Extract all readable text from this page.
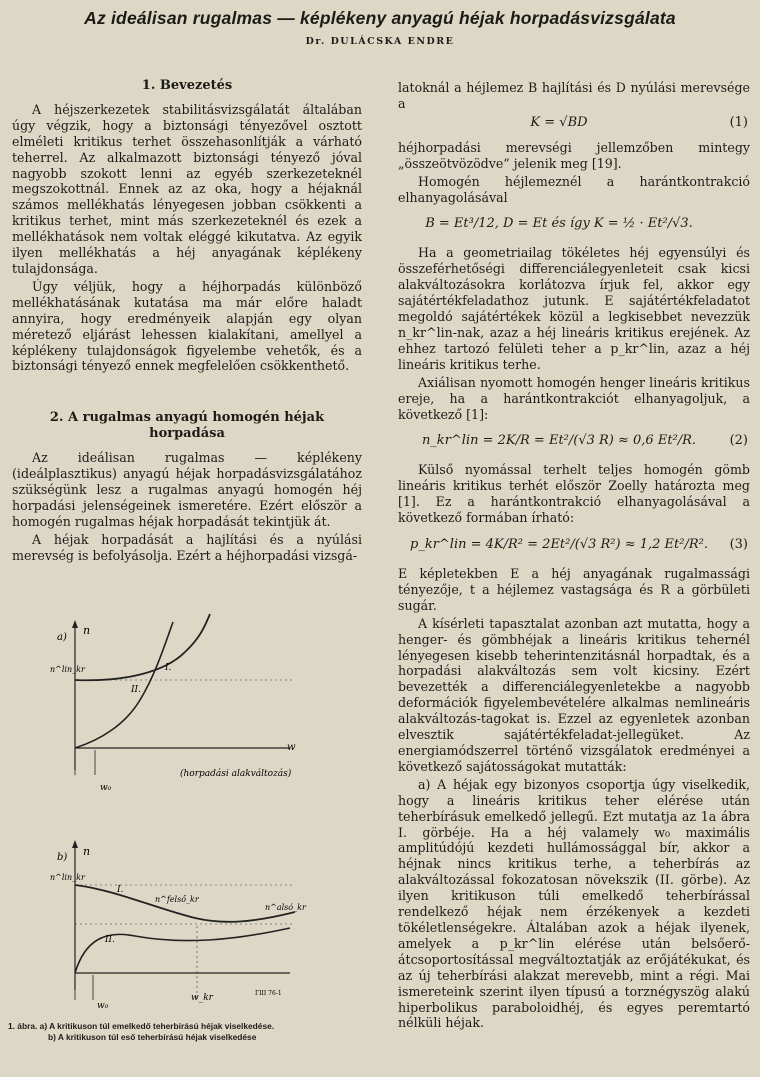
Az ideálisan rugalmas — képlékeny anyagú héjak horpadásvizsgálata
Dr. DULÁCSKA ENDRE
1. Bevezetés

A héjszerkezetek stabilitásvizsgálatát általában úgy végzik, hogy a biztonsági tényezővel osztott elméleti kritikus terhet összehasonlítják a várható teherrel. Az alkalmazott biztonsági tényező jóval nagyobb szokott lenni az egyéb szerkezeteknél megszokottnál. Ennek az az oka, hogy a héjaknál számos mellékhatás lényegesen jobban csökkenti a kritikus terhet, mint más szerkezeteknél és ezek a mellékhatások nem voltak eléggé kikutatva. Az egyik ilyen mellékhatás a héj anyagának képlékeny tulajdonsága.

Úgy véljük, hogy a héjhorpadás különböző mellékhatásának kutatása ma már előre haladt annyira, hogy eredményeik alapján egy olyan méretező eljárást lehessen kialakítani, amellyel a képlékeny tulajdonságok figyelembe vehetők, és a biztonsági tényező ennek megfelelően csökkenthető.

2. A rugalmas anyagú homogén héjak horpadása

Az ideálisan rugalmas — képlékeny (ideálplasztikus) anyagú héjak horpadásvizsgálatához szükségünk lesz a rugalmas anyagú homogén héj horpadási jelenségeinek ismeretére. Ezért először a homogén rugalmas héjak horpadását tekintjük át.

A héjak horpadását a hajlítási és a nyúlási merevség is befolyásolja. Ezért a héjhorpadási vizsgá-

a)
n
n^lin_kr	I.
II.
w
w₀
(horpadási alakváltozás)
b) n
n^lin_kr
n^felső_kr
n^alsó_kr
I.
II.
w₀
w_kr	ΓΙΙΙ 76-1
1. ábra. a) A kritikuson túl emelkedő teherbírású héjak viselkedése.
b) A kritikuson túl eső teherbírású héjak viselkedése

latoknál a héjlemez B hajlítási és D nyúlási merevsége a

K = √BD	(1)

héjhorpadási merevségi jellemzőben mintegy „összeötvözödve” jelenik meg [19].

Homogén héjlemeznél a harántkontrakció elhanyagolásával

B = Et³/12, D = Et és így K = ½ · Et²/√3.

Ha a geometriailag tökéletes héj egyensúlyi és összeférhetőségi differenciálegyenleteit csak kicsi alakváltozásokra korlátozva írjuk fel, akkor egy sajátértékfeladathoz jutunk. E sajátértékfeladatot megoldó sajátértékek közül a legkisebbet nevezzük n_kr^lin-nak, azaz a héj lineáris kritikus erejének. Az ehhez tartozó felületi teher a p_kr^lin, azaz a héj lineáris kritikus terhe.

Axiálisan nyomott homogén henger lineáris kritikus ereje, ha a harántkontrakciót elhanyagoljuk, a következő [1]:

n_kr^lin = 2K/R = Et²/(√3 R) ≈ 0,6 Et²/R.	(2)

Külső nyomással terhelt teljes homogén gömb lineáris kritikus terhét először Zoelly határozta meg [1]. Ez a harántkontrakció elhanyagolásával a következő formában írható:

p_kr^lin = 4K/R² = 2Et²/(√3 R²) ≈ 1,2 Et²/R².	(3)

E képletekben E a héj anyagának rugalmassági tényezője, t a héjlemez vastagsága és R a görbületi sugár.

A kísérleti tapasztalat azonban azt mutatta, hogy a henger- és gömbhéjak a lineáris kritikus tehernél lényegesen kisebb teherintenzitásnál horpadtak, és a horpadási alakváltozás sem volt kicsiny. Ezért bevezették a differenciálegyenletekbe a nagyobb deformációk figyelembevételére alkalmas nemlineáris alakváltozás-tagokat is. Ezzel az egyenletek azonban elvesztik sajátértékfeladat-jellegüket. Az energiamódszerrel történő vizsgálatok eredményei a következő sajátosságokat mutatták:

a) A héjak egy bizonyos csoportja úgy viselkedik, hogy a lineáris kritikus teher elérése után teherbírásuk emelkedő jellegű. Ezt mutatja az 1a ábra I. görbéje. Ha a héj valamely w₀ maximális amplitúdójú kezdeti hullámossággal bír, akkor a héjnak nincs kritikus terhe, a teherbírás az alakváltozással fokozatosan növekszik (II. görbe). Az ilyen kritikuson túli emelkedő teherbírással rendelkező héjak nem érzékenyek a kezdeti tökéletlenségekre. Általában azok a héjak ilyenek, amelyek a p_kr^lin elérése után belsőerő-átcsoportosítással megváltoztatják az erőjátékukat, és az új teherbírási alakzat merevebb, mint a régi. Mai ismereteink szerint ilyen típusú a torznégyszög alakú hiperbolikus paraboloidhéj, és egyes peremtartó nélküli héjak.
